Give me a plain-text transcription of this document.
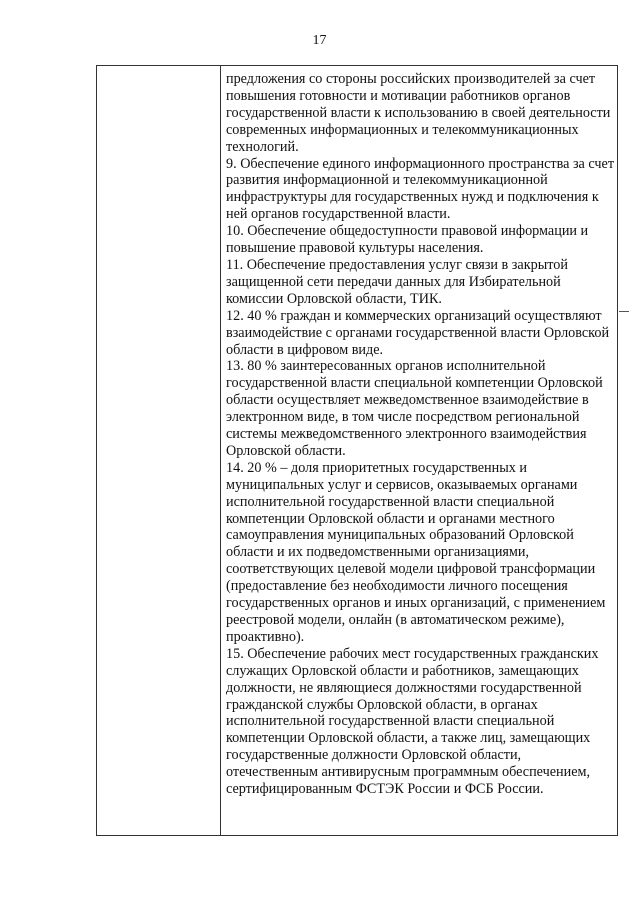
17

предложения со стороны российских производителей за счет повышения готовности и мотивации работников органов государственной власти к использованию в своей деятельности современных информационных и телекоммуникационных технологий.

9. Обеспечение единого информационного пространства за счет развития информационной и телекоммуникационной инфраструктуры для государственных нужд и подключения к ней органов государственной власти.

10. Обеспечение общедоступности правовой информации и повышение правовой культуры населения.

11. Обеспечение предоставления услуг связи в закрытой защищенной сети передачи данных для Избирательной комиссии Орловской области, ТИК.

12. 40 % граждан и коммерческих организаций осуществляют взаимодействие с органами государственной власти Орловской области в цифровом виде.

13. 80 % заинтересованных органов исполнительной государственной власти специальной компетенции Орловской области осуществляет межведомственное взаимодействие в электронном виде, в том числе посредством региональной системы межведомственного электронного взаимодействия Орловской области.

14. 20 % – доля приоритетных государственных и муниципальных услуг и сервисов, оказываемых органами исполнительной государственной власти специальной компетенции Орловской области и органами местного самоуправления муниципальных образований Орловской области и их подведомственными организациями, соответствующих целевой модели цифровой трансформации (предоставление без необходимости личного посещения государственных органов и иных организаций, с применением реестровой модели, онлайн (в автоматическом режиме), проактивно).

15. Обеспечение рабочих мест государственных гражданских служащих Орловской области и работников, замещающих должности, не являющиеся должностями государственной гражданской службы Орловской области, в органах исполнительной государственной власти специальной компетенции Орловской области, а также лиц, замещающих государственные должности Орловской области, отечественным антивирусным программным обеспечением, сертифицированным ФСТЭК России и ФСБ России.
